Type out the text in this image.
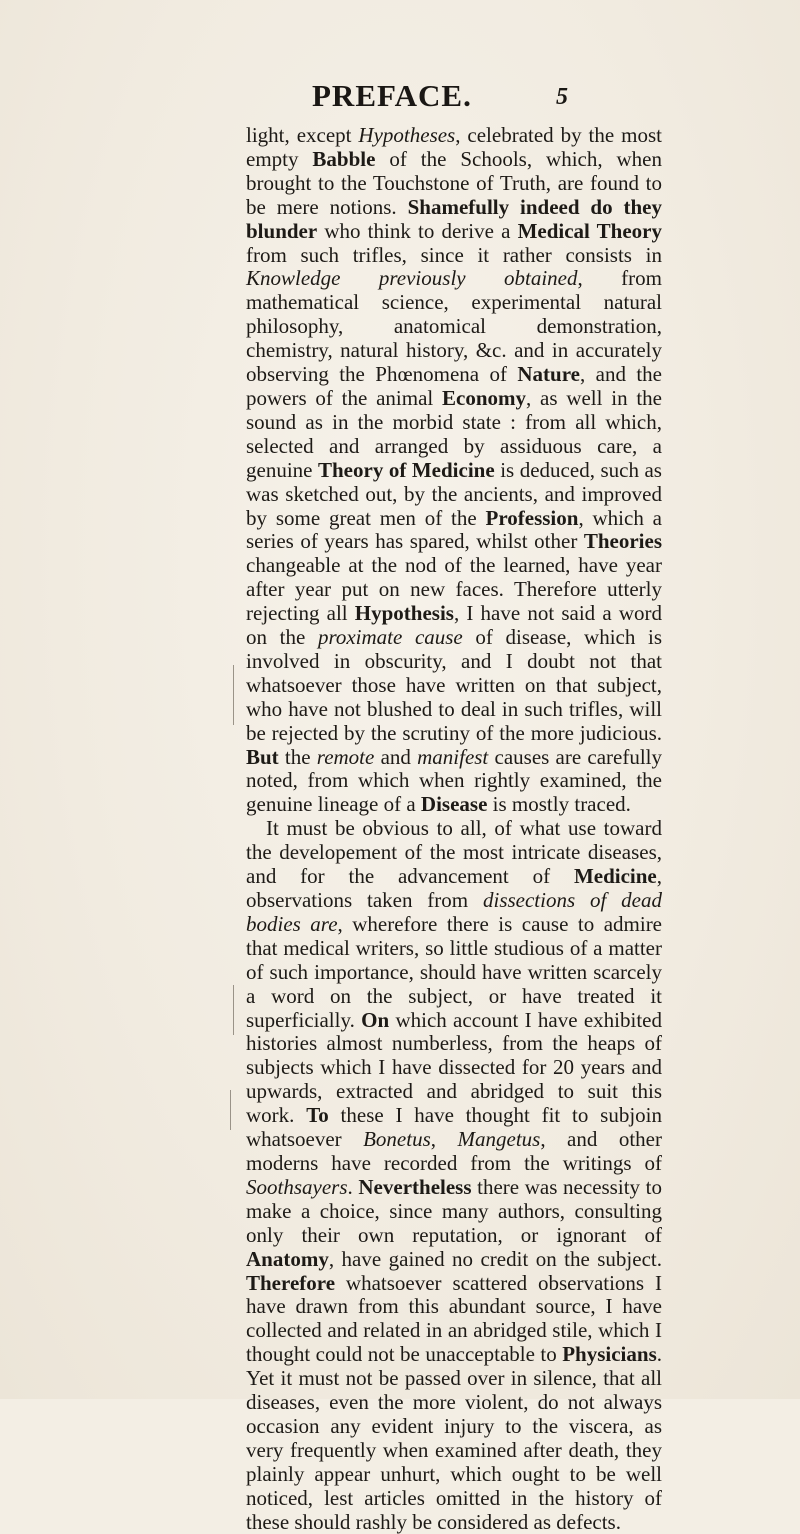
PREFACE.	5
light, except Hypotheses, celebrated by the most empty Babble of the Schools, which, when brought to the Touchstone of Truth, are found to be mere notions. Shamefully indeed do they blunder who think to derive a Medical Theory from such trifles, since it rather consists in Knowledge previously obtained, from mathematical science, experimental natural philosophy, anatomical demonstration, chemistry, natural history, &c. and in accurately observing the Phœnomena of Nature, and the powers of the animal Economy, as well in the sound as in the morbid state : from all which, selected and arranged by assiduous care, a genuine Theory of Medicine is deduced, such as was sketched out, by the ancients, and improved by some great men of the Profession, which a series of years has spared, whilst other Theories changeable at the nod of the learned, have year after year put on new faces. Therefore utterly rejecting all Hypothesis, I have not said a word on the proximate cause of disease, which is involved in obscurity, and I doubt not that whatsoever those have written on that subject, who have not blushed to deal in such trifles, will be rejected by the scrutiny of the more judicious. But the remote and manifest causes are carefully noted, from which when rightly examined, the genuine lineage of a Disease is mostly traced.
It must be obvious to all, of what use toward the developement of the most intricate diseases, and for the advancement of Medicine, observations taken from dissections of dead bodies are, wherefore there is cause to admire that medical writers, so little studious of a matter of such importance, should have written scarcely a word on the subject, or have treated it superficially. On which account I have exhibited histories almost numberless, from the heaps of subjects which I have dissected for 20 years and upwards, extracted and abridged to suit this work. To these I have thought fit to subjoin whatsoever Bonetus, Mangetus, and other moderns have recorded from the writings of Soothsayers. Nevertheless there was necessity to make a choice, since many authors, consulting only their own reputation, or ignorant of Anatomy, have gained no credit on the subject. Therefore whatsoever scattered observations I have drawn from this abundant source, I have collected and related in an abridged stile, which I thought could not be unacceptable to Physicians. Yet it must not be passed over in silence, that all diseases, even the more violent, do not always occasion any evident injury to the viscera, as very frequently when examined after death, they plainly appear unhurt, which ought to be well noticed, lest articles omitted in the history of these should rashly be considered as defects.
